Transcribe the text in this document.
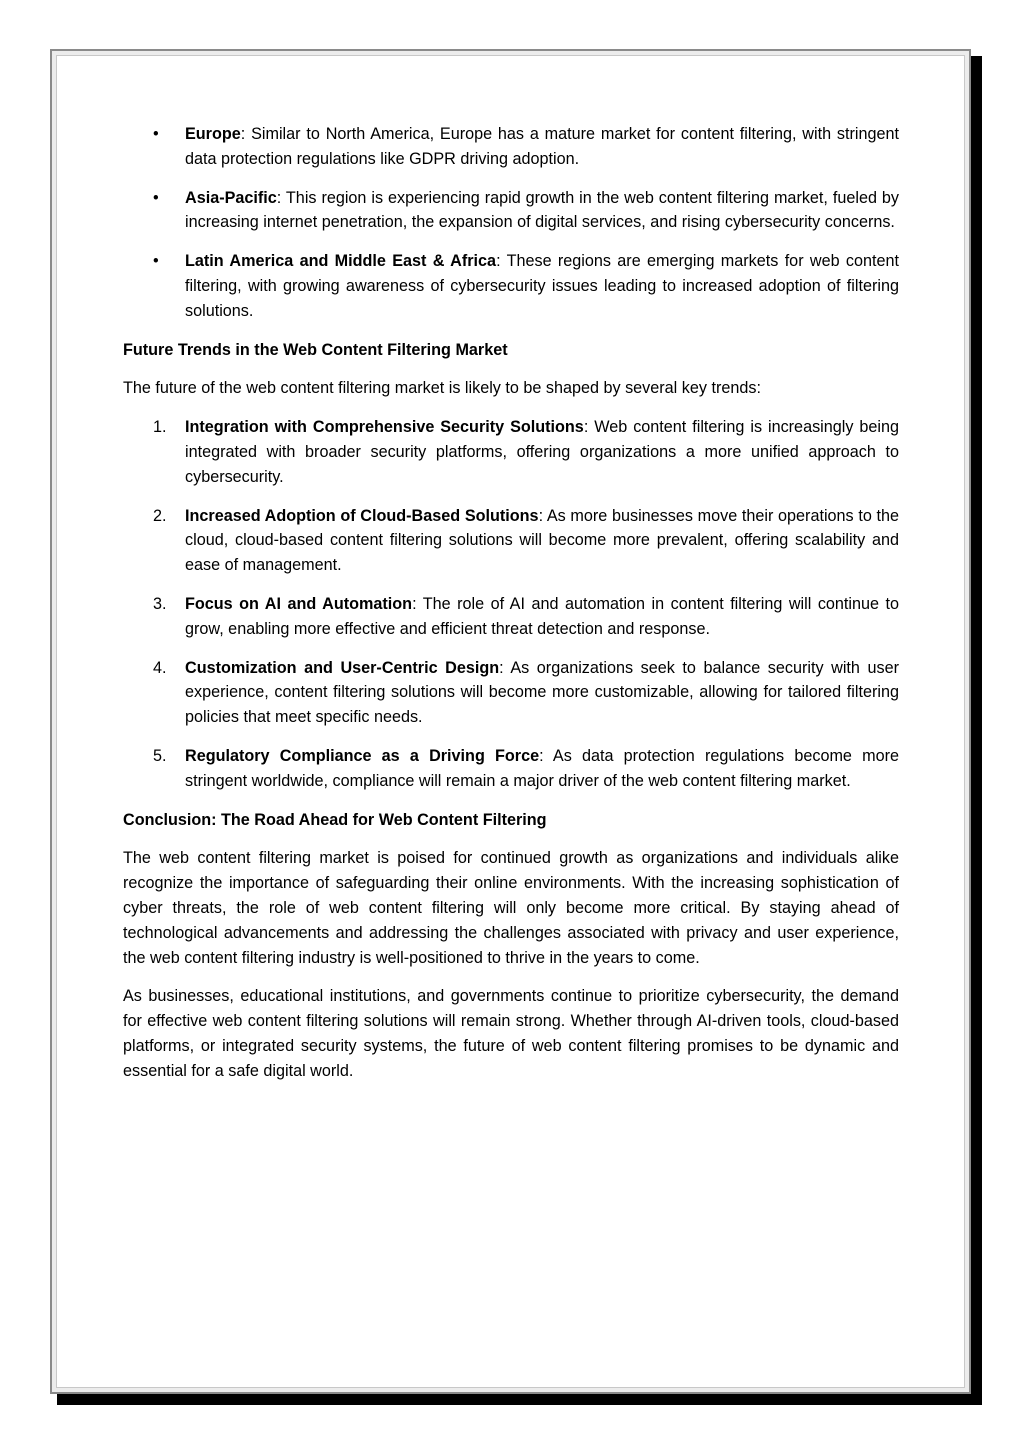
•	Europe: Similar to North America, Europe has a mature market for content filtering, with stringent data protection regulations like GDPR driving adoption.
•	Asia-Pacific: This region is experiencing rapid growth in the web content filtering market, fueled by increasing internet penetration, the expansion of digital services, and rising cybersecurity concerns.
•	Latin America and Middle East & Africa: These regions are emerging markets for web content filtering, with growing awareness of cybersecurity issues leading to increased adoption of filtering solutions.
Future Trends in the Web Content Filtering Market

The future of the web content filtering market is likely to be shaped by several key trends:

1.	Integration with Comprehensive Security Solutions: Web content filtering is increasingly being integrated with broader security platforms, offering organizations a more unified approach to cybersecurity.
2.	Increased Adoption of Cloud-Based Solutions: As more businesses move their operations to the cloud, cloud-based content filtering solutions will become more prevalent, offering scalability and ease of management.
3.	Focus on AI and Automation: The role of AI and automation in content filtering will continue to grow, enabling more effective and efficient threat detection and response.
4.	Customization and User-Centric Design: As organizations seek to balance security with user experience, content filtering solutions will become more customizable, allowing for tailored filtering policies that meet specific needs.
5.	Regulatory Compliance as a Driving Force: As data protection regulations become more stringent worldwide, compliance will remain a major driver of the web content filtering market.
Conclusion: The Road Ahead for Web Content Filtering

The web content filtering market is poised for continued growth as organizations and individuals alike recognize the importance of safeguarding their online environments. With the increasing sophistication of cyber threats, the role of web content filtering will only become more critical. By staying ahead of technological advancements and addressing the challenges associated with privacy and user experience, the web content filtering industry is well-positioned to thrive in the years to come.

As businesses, educational institutions, and governments continue to prioritize cybersecurity, the demand for effective web content filtering solutions will remain strong. Whether through AI-driven tools, cloud-based platforms, or integrated security systems, the future of web content filtering promises to be dynamic and essential for a safe digital world.
